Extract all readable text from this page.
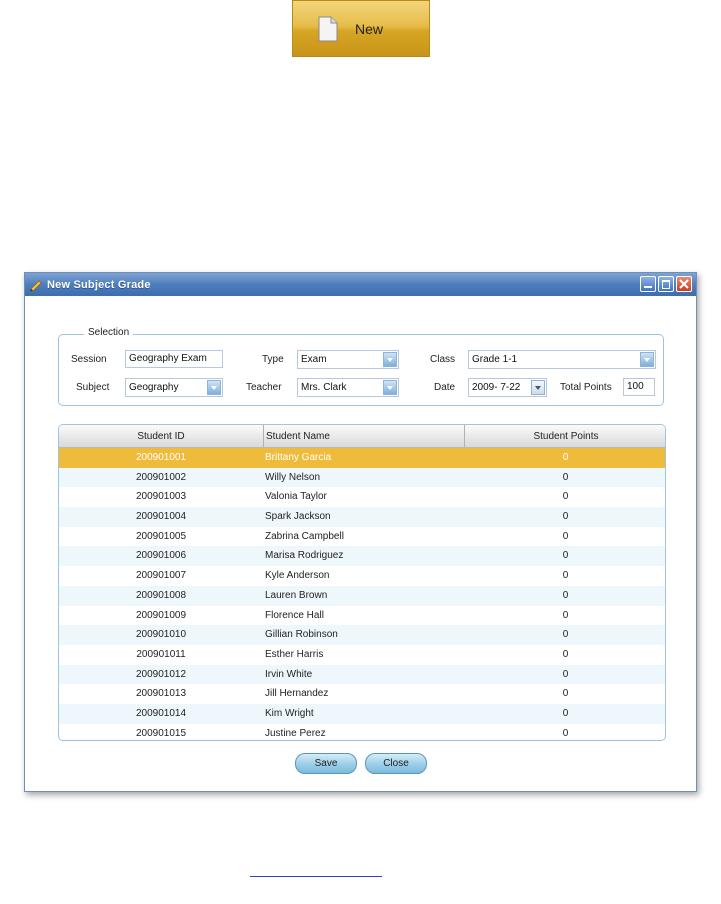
New
New Subject Grade
Selection
Session	Geography Exam	Type Exam	Class Grade 1-1
Subject Geography	Teacher Mrs. Clark	Date 2009- 7-22	Total Points	100
Student ID	Student Name	Student Points
200901001	Brittany Garcia	0
200901002	Willy Nelson	0
200901003	Valonia Taylor	0
200901004	Spark Jackson	0
200901005	Zabrina Campbell	0
200901006	Marisa Rodriguez	0
200901007	Kyle Anderson	0
200901008	Lauren Brown	0
200901009	Florence Hall	0
200901010	Gillian Robinson	0
200901011	Esther Harris	0
200901012	Irvin White	0
200901013	Jill Hernandez	0
200901014	Kim Wright	0
200901015	Justine Perez	0
Save	Close
